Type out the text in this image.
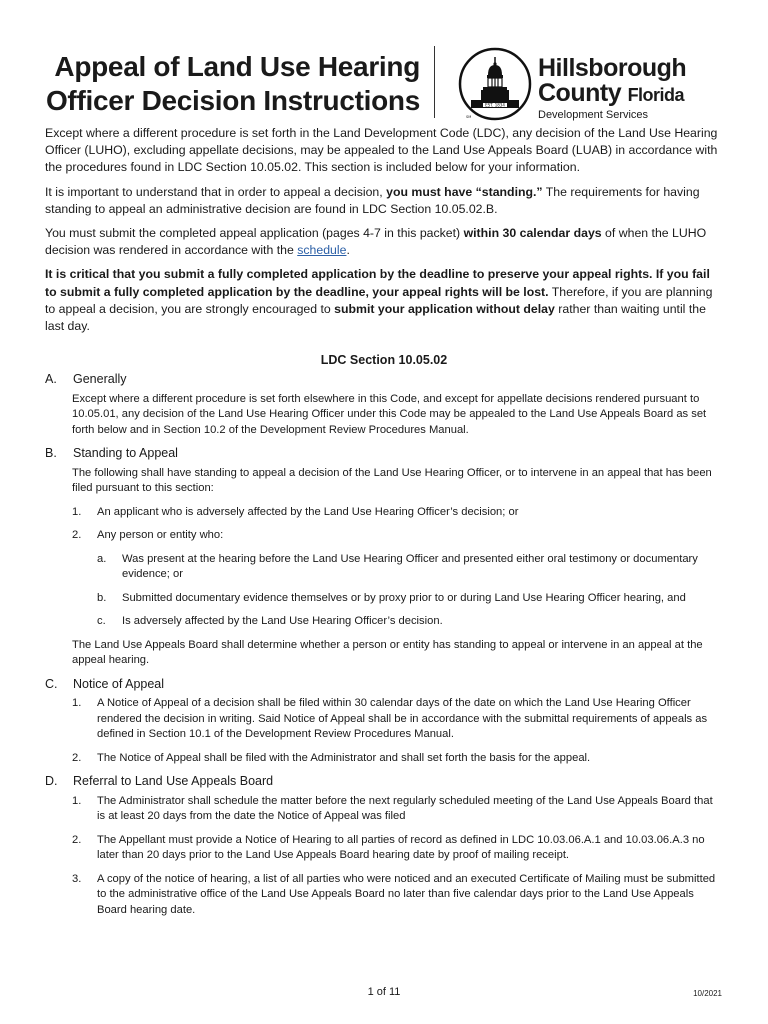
Appeal of Land Use Hearing
Officer Decision Instructions	EST. 1834
SM
Hillsborough
County Florida
Development Services

Except where a different procedure is set forth in the Land Development Code (LDC), any decision of the Land Use Hearing Officer (LUHO), excluding appellate decisions, may be appealed to the Land Use Appeals Board (LUAB) in accordance with the procedures found in LDC Section 10.05.02. This section is included below for your information.

It is important to understand that in order to appeal a decision, you must have “standing.” The requirements for having standing to appeal an administrative decision are found in LDC Section 10.05.02.B.

You must submit the completed appeal application (pages 4-7 in this packet) within 30 calendar days of when the LUHO decision was rendered in accordance with the schedule.

It is critical that you submit a fully completed application by the deadline to preserve your appeal rights. If you fail to submit a fully completed application by the deadline, your appeal rights will be lost. Therefore, if you are planning to appeal a decision, you are strongly encouraged to submit your application without delay rather than waiting until the last day.

LDC Section 10.05.02
A.	Generally
Except where a different procedure is set forth elsewhere in this Code, and except for appellate decisions rendered pursuant to 10.05.01, any decision of the Land Use Hearing Officer under this Code may be appealed to the Land Use Appeals Board as set forth below and in Section 10.2 of the Development Review Procedures Manual.
B.	Standing to Appeal
The following shall have standing to appeal a decision of the Land Use Hearing Officer, or to intervene in an appeal that has been filed pursuant to this section:
1.	An applicant who is adversely affected by the Land Use Hearing Officer’s decision; or
2.	Any person or entity who:
a.	Was present at the hearing before the Land Use Hearing Officer and presented either oral testimony or documentary evidence; or
b.	Submitted documentary evidence themselves or by proxy prior to or during Land Use Hearing Officer hearing, and
c.	Is adversely affected by the Land Use Hearing Officer’s decision.
The Land Use Appeals Board shall determine whether a person or entity has standing to appeal or intervene in an appeal at the appeal hearing.
C.	Notice of Appeal
1.	A Notice of Appeal of a decision shall be filed within 30 calendar days of the date on which the Land Use Hearing Officer rendered the decision in writing. Said Notice of Appeal shall be in accordance with the submittal requirements of appeals as defined in Section 10.1 of the Development Review Procedures Manual.
2.	The Notice of Appeal shall be filed with the Administrator and shall set forth the basis for the appeal.
D.	Referral to Land Use Appeals Board
1.	The Administrator shall schedule the matter before the next regularly scheduled meeting of the Land Use Appeals Board that is at least 20 days from the date the Notice of Appeal was filed
2.	The Appellant must provide a Notice of Hearing to all parties of record as defined in LDC 10.03.06.A.1 and 10.03.06.A.3 no later than 20 days prior to the Land Use Appeals Board hearing date by proof of mailing receipt.
3.	A copy of the notice of hearing, a list of all parties who were noticed and an executed Certificate of Mailing must be submitted to the administrative office of the Land Use Appeals Board no later than five calendar days prior to the Land Use Appeals Board hearing date.
1 of 11	10/2021
